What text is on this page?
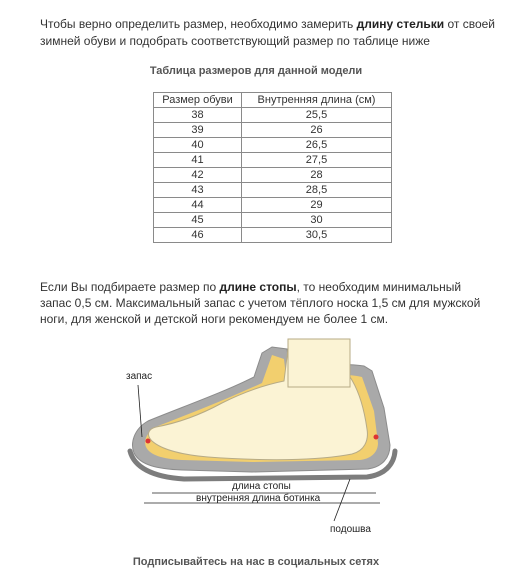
Чтобы верно определить размер, необходимо замерить длину стельки от своей зимней обуви и подобрать соответствующий размер по таблице ниже

Таблица размеров для данной модели
Размер обуви	Внутренняя длина (см)
38	25,5
39	26
40	26,5
41	27,5
42	28
43	28,5
44	29
45	30
46	30,5

Если Вы подбираете размер по длине стопы, то необходим минимальный запас 0,5 см. Максимальный запас с учетом тёплого носка 1,5 см для мужской ноги, для женской и детской ноги рекомендуем не более 1 см.

запас
длина стопы
внутренняя длина ботинка
подошва
Подписывайтесь на нас в социальных сетях
